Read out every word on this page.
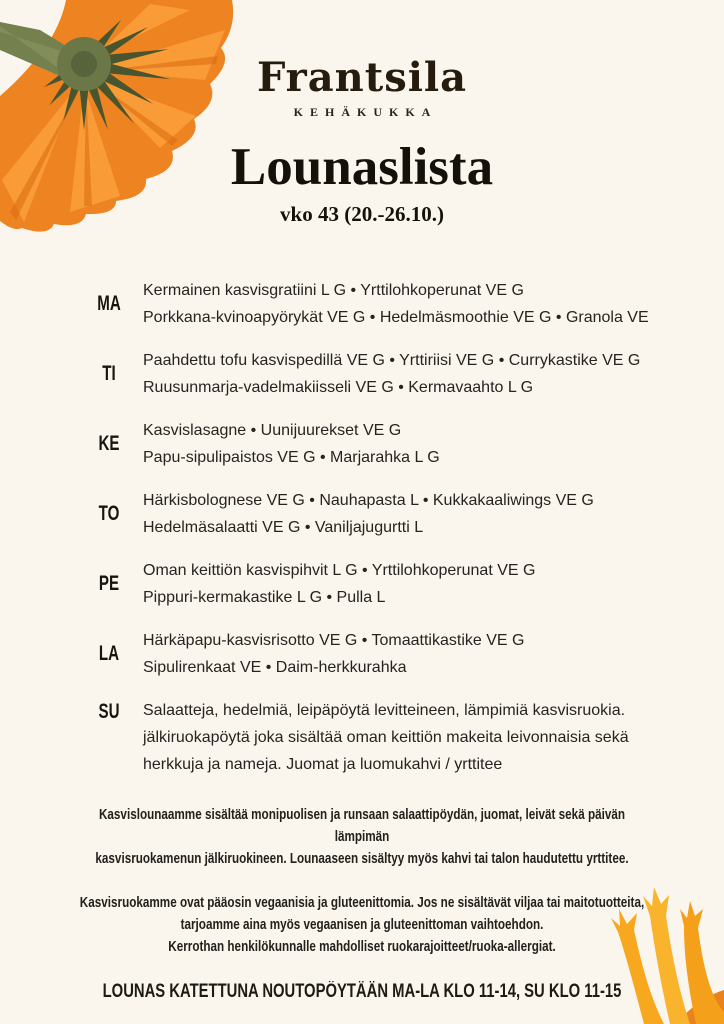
Frantsila
KEHÄKUKKA
Lounaslista
vko 43 (20.-26.10.)
MA
Kermainen kasvisgratiini L G • Yrttilohkoperunat VE G
Porkkana-kvinoapyörykät VE G • Hedelmäsmoothie VE G • Granola VE
TI
Paahdettu tofu kasvispedillä VE G • Yrttiriisi VE G • Currykastike VE G
Ruusunmarja-vadelmakiisseli VE G • Kermavaahto L G
KE
Kasvislasagne • Uunijuurekset VE G
Papu-sipulipaistos VE G • Marjarahka L G
TO
Härkisbolognese VE G • Nauhapasta L • Kukkakaaliwings VE G
Hedelmäsalaatti VE G • Vaniljajugurtti L
PE
Oman keittiön kasvispihvit L G • Yrttilohkoperunat VE G
Pippuri-kermakastike L G • Pulla L
LA
Härkäpapu-kasvisrisotto VE G • Tomaattikastike VE G
Sipulirenkaat VE • Daim-herkkurahka
SU	Salaatteja, hedelmiä, leipäpöytä levitteineen, lämpimiä kasvisruokia.
jälkiruokapöytä joka sisältää oman keittiön makeita leivonnaisia sekä
herkkuja ja nameja. Juomat ja luomukahvi / yrttitee
Kasvislounaamme sisältää monipuolisen ja runsaan salaattipöydän, juomat, leivät sekä päivän lämpimän
kasvisruokamenun jälkiruokineen. Lounaaseen sisältyy myös kahvi tai talon haudutettu yrttitee.
Kasvisruokamme ovat pääosin vegaanisia ja gluteenittomia. Jos ne sisältävät viljaa tai maitotuotteita,
tarjoamme aina myös vegaanisen ja gluteenittoman vaihtoehdon.
Kerrothan henkilökunnalle mahdolliset ruokarajoitteet/ruoka-allergiat.
LOUNAS KATETTUNA NOUTOPÖYTÄÄN MA-LA KLO 11-14, SU KLO 11-15
